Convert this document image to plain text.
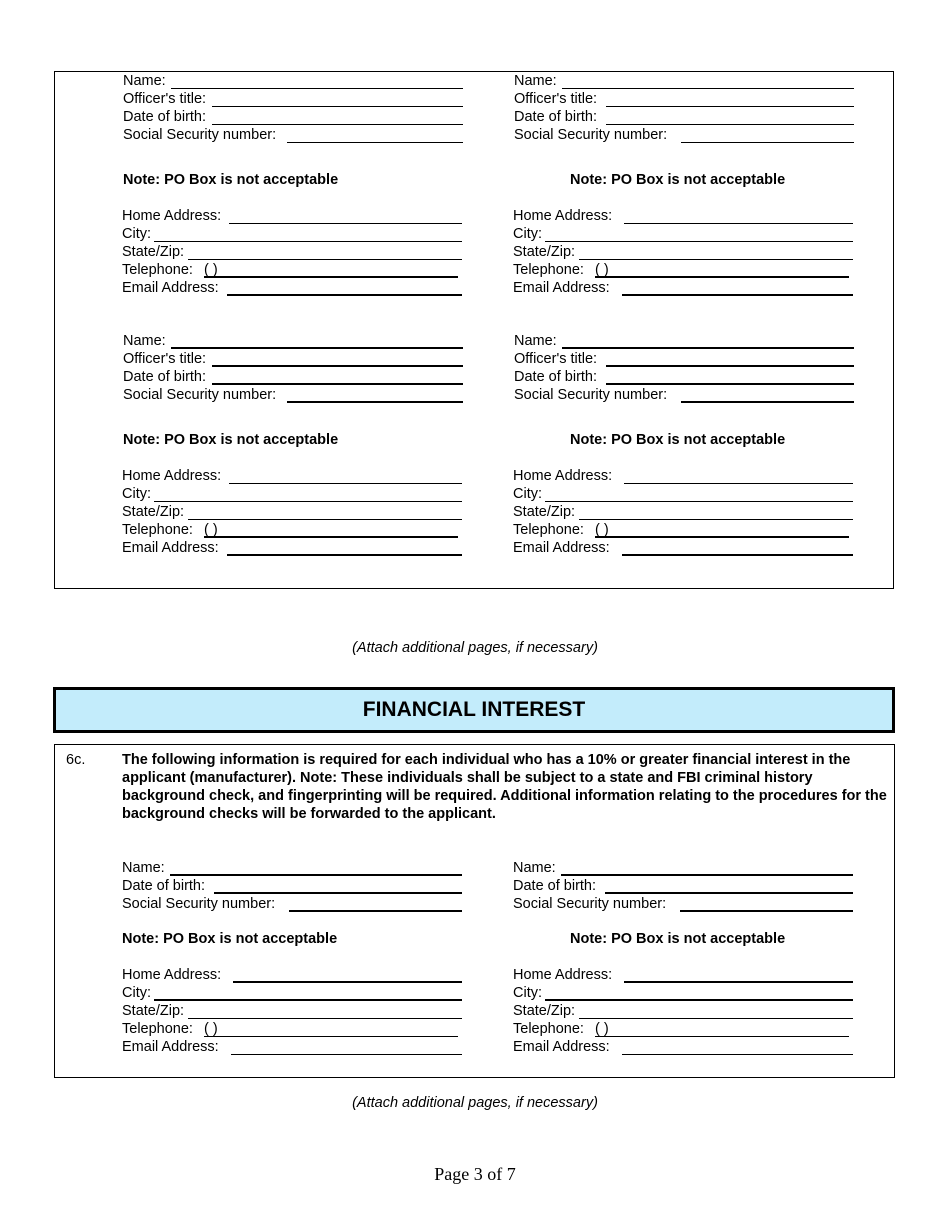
Name:
Officer's title:
Date of birth:
Social Security number:
Note: PO Box is not acceptable
Home Address:
City:
State/Zip:
Telephone: ( )
Email Address:
Name:
Officer's title:
Date of birth:
Social Security number:
Note: PO Box is not acceptable
Home Address:
City:
State/Zip:
Telephone: ( )
Email Address:
Name:
Officer's title:
Date of birth:
Social Security number:
Note: PO Box is not acceptable
Home Address:
City:
State/Zip:
Telephone: ( )
Email Address:
Name:
Officer's title:
Date of birth:
Social Security number:
Note: PO Box is not acceptable
Home Address:
City:
State/Zip:
Telephone: ( )
Email Address:
(Attach additional pages, if necessary)
FINANCIAL INTEREST
6c.	The following information is required for each individual who has a 10% or greater financial interest in the applicant (manufacturer). Note: These individuals shall be subject to a state and FBI criminal history background check, and fingerprinting will be required. Additional information relating to the procedures for the background checks will be forwarded to the applicant.
Name:
Date of birth:
Social Security number:
Note: PO Box is not acceptable
Home Address:
City:
State/Zip:
Telephone: ( )
Email Address:
Name:
Date of birth:
Social Security number:
Note: PO Box is not acceptable
Home Address:
City:
State/Zip:
Telephone: ( )
Email Address:
(Attach additional pages, if necessary)
Page 3 of 7
